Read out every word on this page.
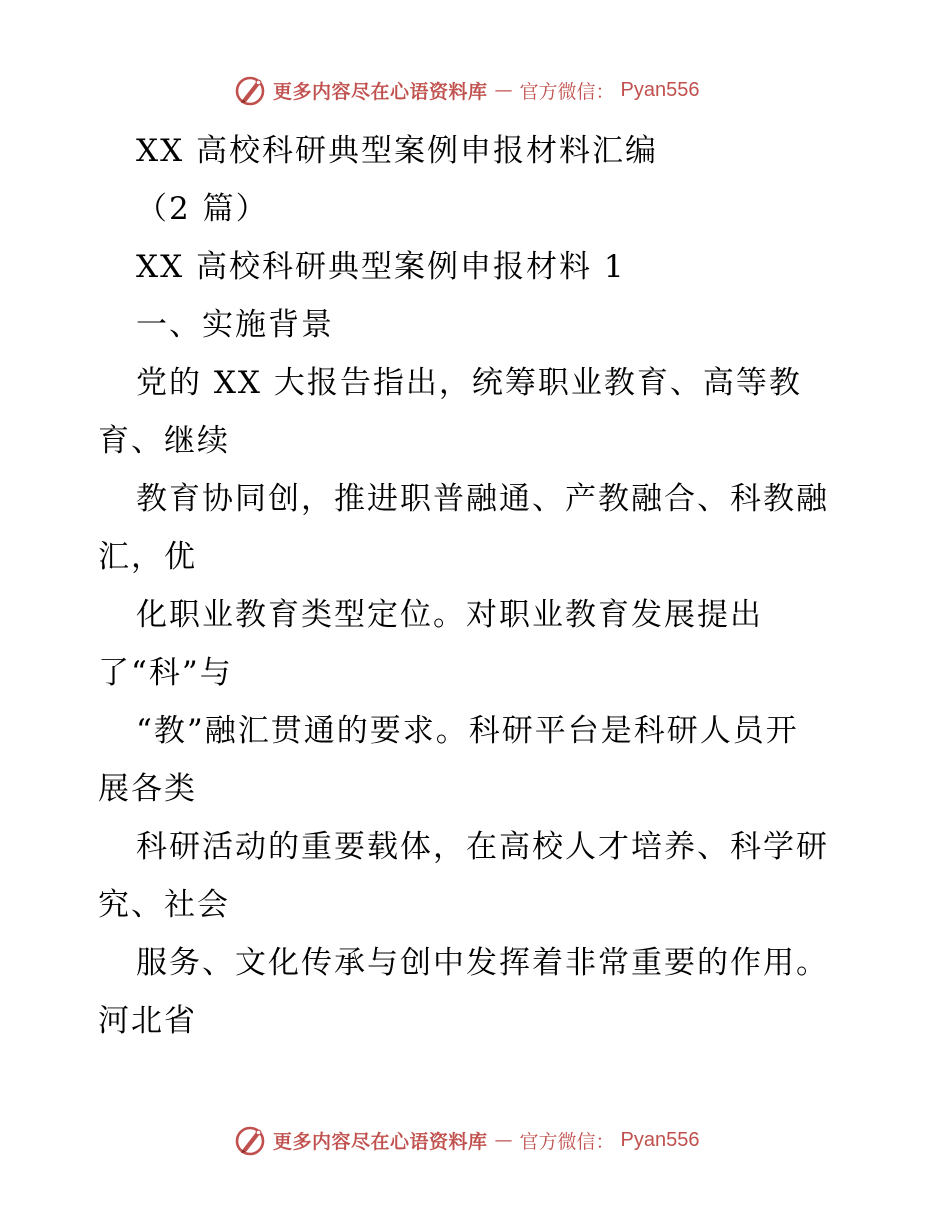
更多内容尽在心语资料库 — 官方微信： Pyan556
XX 高校科研典型案例申报材料汇编
（2 篇）
XX 高校科研典型案例申报材料 1
一、实施背景
党的 XX 大报告指出，统筹职业教育、高等教
育、继续
教育协同创，推进职普融通、产教融合、科教融
汇，优
化职业教育类型定位。对职业教育发展提出
了“科”与
“教”融汇贯通的要求。科研平台是科研人员开
展各类
科研活动的重要载体，在高校人才培养、科学研
究、社会
服务、文化传承与创中发挥着非常重要的作用。
河北省
更多内容尽在心语资料库 — 官方微信： Pyan556
